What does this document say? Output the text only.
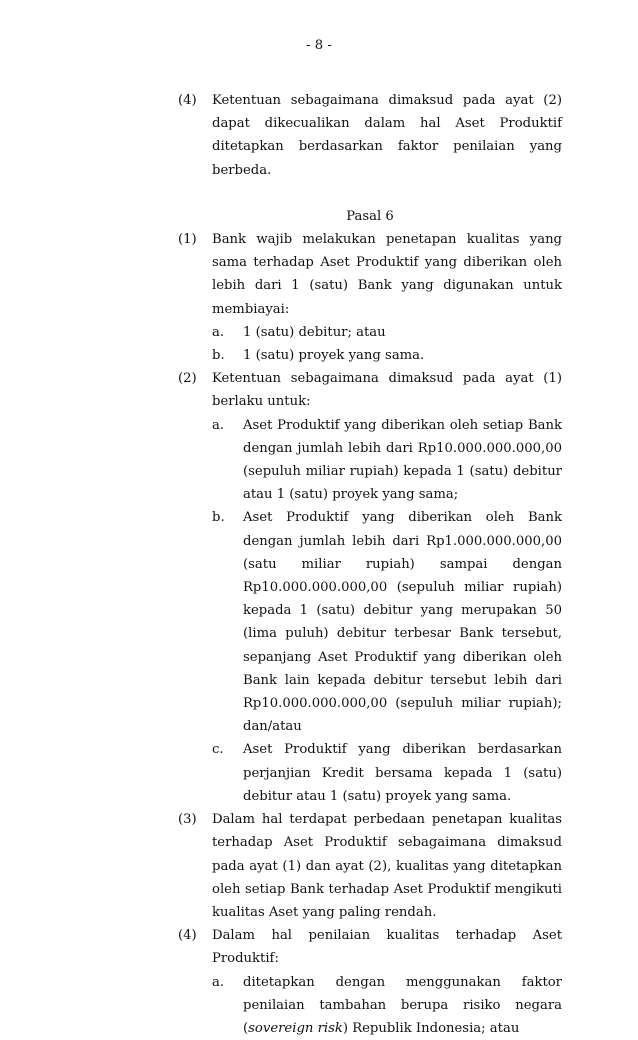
- 8 -
(4) Ketentuan sebagaimana dimaksud pada ayat (2) dapat dikecualikan dalam hal Aset Produktif ditetapkan berdasarkan faktor penilaian yang berbeda.
Pasal 6
(1) Bank wajib melakukan penetapan kualitas yang sama terhadap Aset Produktif yang diberikan oleh lebih dari 1 (satu) Bank yang digunakan untuk membiayai:
a. 1 (satu) debitur; atau
b. 1 (satu) proyek yang sama.
(2) Ketentuan sebagaimana dimaksud pada ayat (1) berlaku untuk:
a. Aset Produktif yang diberikan oleh setiap Bank dengan jumlah lebih dari Rp10.000.000.000,00 (sepuluh miliar rupiah) kepada 1 (satu) debitur atau 1 (satu) proyek yang sama;
b. Aset Produktif yang diberikan oleh Bank dengan jumlah lebih dari Rp1.000.000.000,00 (satu miliar rupiah) sampai dengan Rp10.000.000.000,00 (sepuluh miliar rupiah) kepada 1 (satu) debitur yang merupakan 50 (lima puluh) debitur terbesar Bank tersebut, sepanjang Aset Produktif yang diberikan oleh Bank lain kepada debitur tersebut lebih dari Rp10.000.000.000,00 (sepuluh miliar rupiah); dan/atau
c. Aset Produktif yang diberikan berdasarkan perjanjian Kredit bersama kepada 1 (satu) debitur atau 1 (satu) proyek yang sama.
(3) Dalam hal terdapat perbedaan penetapan kualitas terhadap Aset Produktif sebagaimana dimaksud pada ayat (1) dan ayat (2), kualitas yang ditetapkan oleh setiap Bank terhadap Aset Produktif mengikuti kualitas Aset yang paling rendah.
(4) Dalam hal penilaian kualitas terhadap Aset Produktif:
a. ditetapkan dengan menggunakan faktor penilaian tambahan berupa risiko negara (sovereign risk) Republik Indonesia; atau
